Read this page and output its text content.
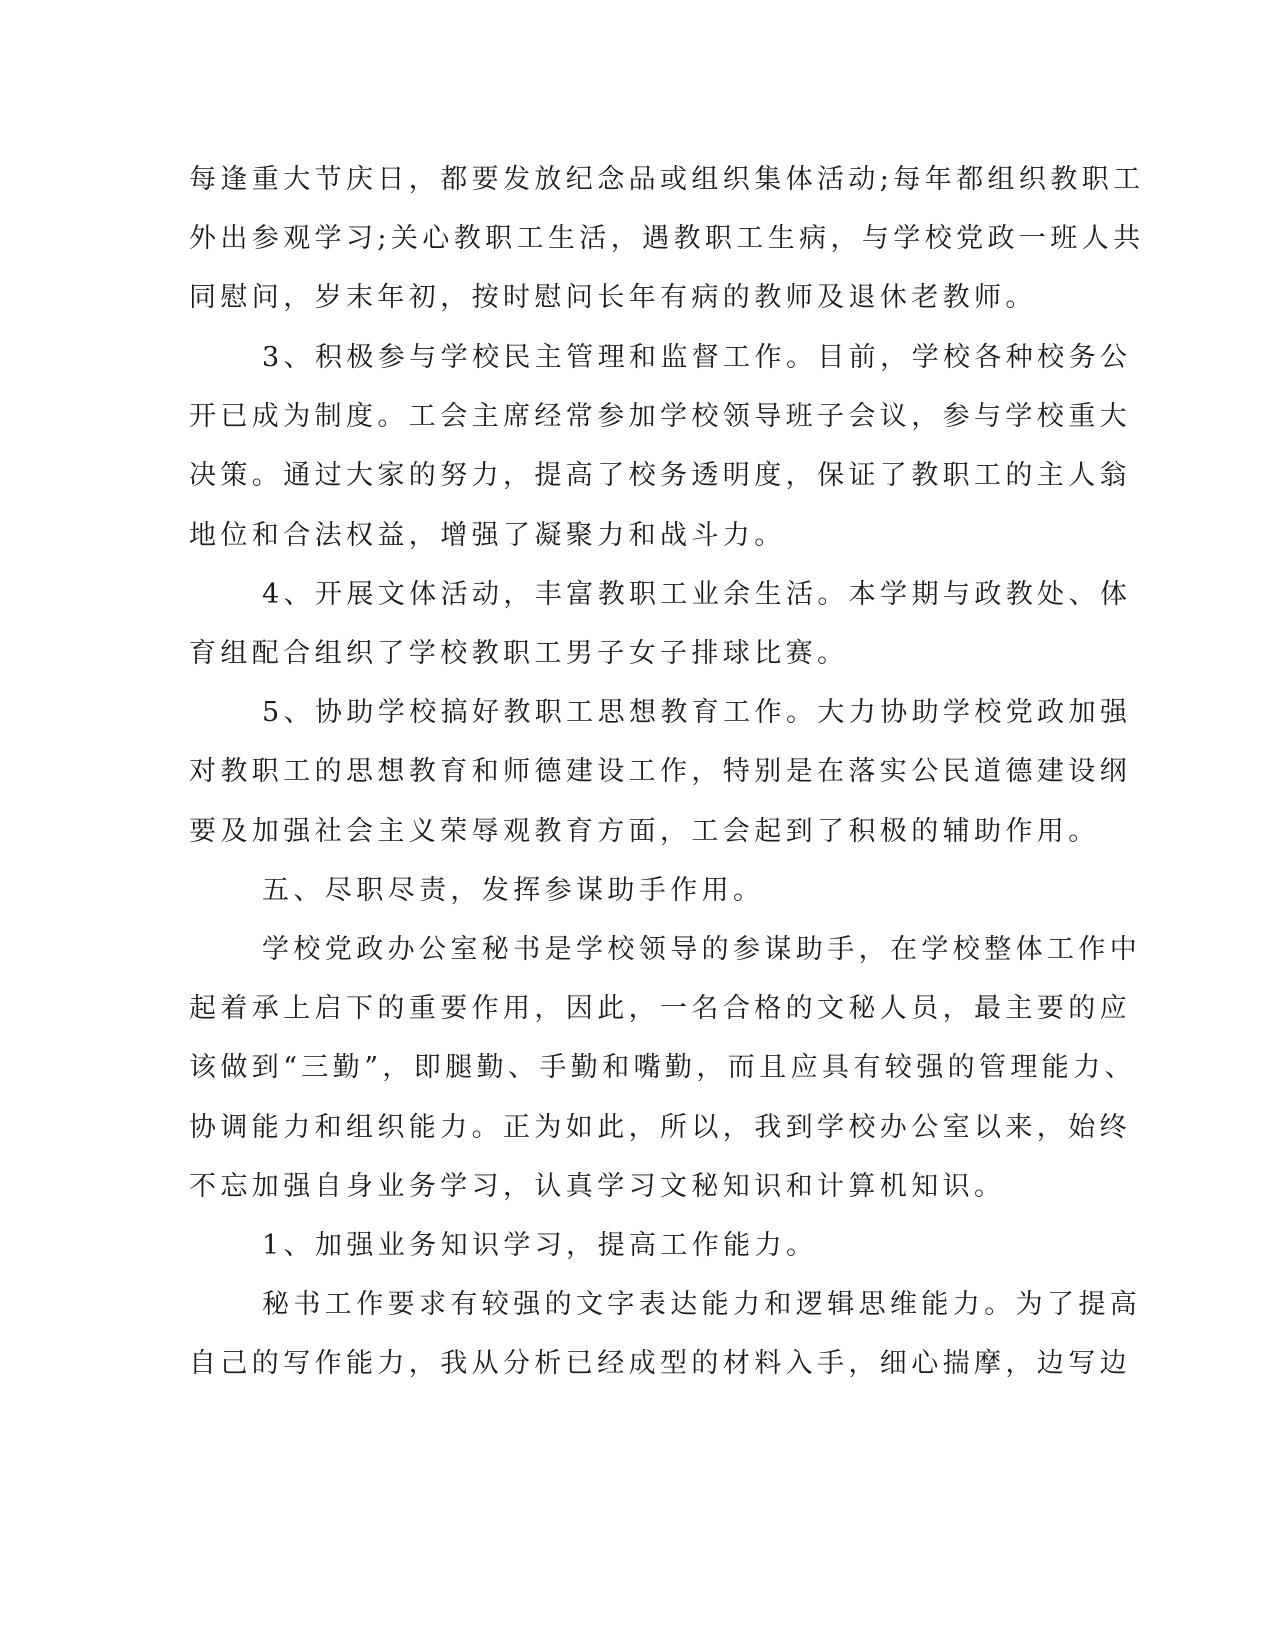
每逢重大节庆日，都要发放纪念品或组织集体活动;每年都组织教职工
外出参观学习;关心教职工生活，遇教职工生病，与学校党政一班人共
同慰问，岁末年初，按时慰问长年有病的教师及退休老教师。
3、积极参与学校民主管理和监督工作。目前，学校各种校务公
开已成为制度。工会主席经常参加学校领导班子会议，参与学校重大
决策。通过大家的努力，提高了校务透明度，保证了教职工的主人翁
地位和合法权益，增强了凝聚力和战斗力。
4、开展文体活动，丰富教职工业余生活。本学期与政教处、体
育组配合组织了学校教职工男子女子排球比赛。
5、协助学校搞好教职工思想教育工作。大力协助学校党政加强
对教职工的思想教育和师德建设工作，特别是在落实公民道德建设纲
要及加强社会主义荣辱观教育方面，工会起到了积极的辅助作用。
五、尽职尽责，发挥参谋助手作用。
学校党政办公室秘书是学校领导的参谋助手，在学校整体工作中
起着承上启下的重要作用，因此，一名合格的文秘人员，最主要的应
该做到“三勤”，即腿勤、手勤和嘴勤，而且应具有较强的管理能力、
协调能力和组织能力。正为如此，所以，我到学校办公室以来，始终
不忘加强自身业务学习，认真学习文秘知识和计算机知识。
1、加强业务知识学习，提高工作能力。
秘书工作要求有较强的文字表达能力和逻辑思维能力。为了提高
自己的写作能力，我从分析已经成型的材料入手，细心揣摩，边写边
